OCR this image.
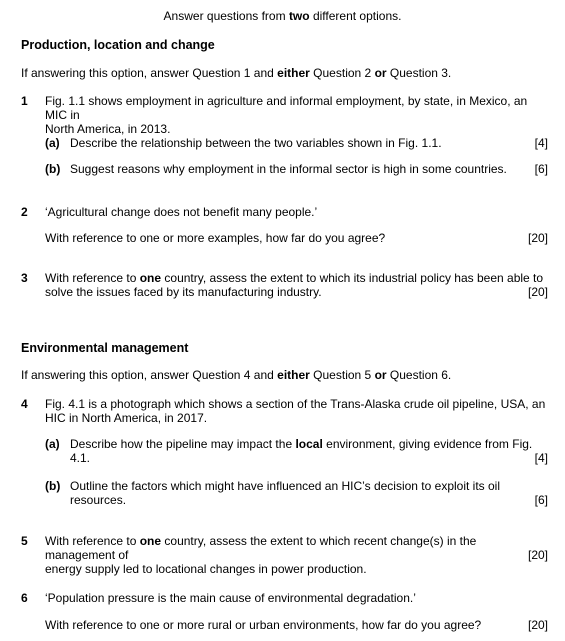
Answer questions from two different options.
Production, location and change
If answering this option, answer Question 1 and either Question 2 or Question 3.
1 Fig. 1.1 shows employment in agriculture and informal employment, by state, in Mexico, an MIC in
North America, in 2013.
(a) Describe the relationship between the two variables shown in Fig. 1.1.	[4]
(b) Suggest reasons why employment in the informal sector is high in some countries.	[6]
2 ‘Agricultural change does not benefit many people.’
With reference to one or more examples, how far do you agree?	[20]
3 With reference to one country, assess the extent to which its industrial policy has been able to
solve the issues faced by its manufacturing industry.	[20]
Environmental management
If answering this option, answer Question 4 and either Question 5 or Question 6.
4 Fig. 4.1 is a photograph which shows a section of the Trans-Alaska crude oil pipeline, USA, an
HIC in North America, in 2017.
(a) Describe how the pipeline may impact the local environment, giving evidence from Fig. 4.1.	[4]
(b) Outline the factors which might have influenced an HIC’s decision to exploit its oil resources.	[6]
5 With reference to one country, assess the extent to which recent change(s) in the management of
energy supply led to locational changes in power production.
[20]
6 ‘Population pressure is the main cause of environmental degradation.’
With reference to one or more rural or urban environments, how far do you agree?	[20]
